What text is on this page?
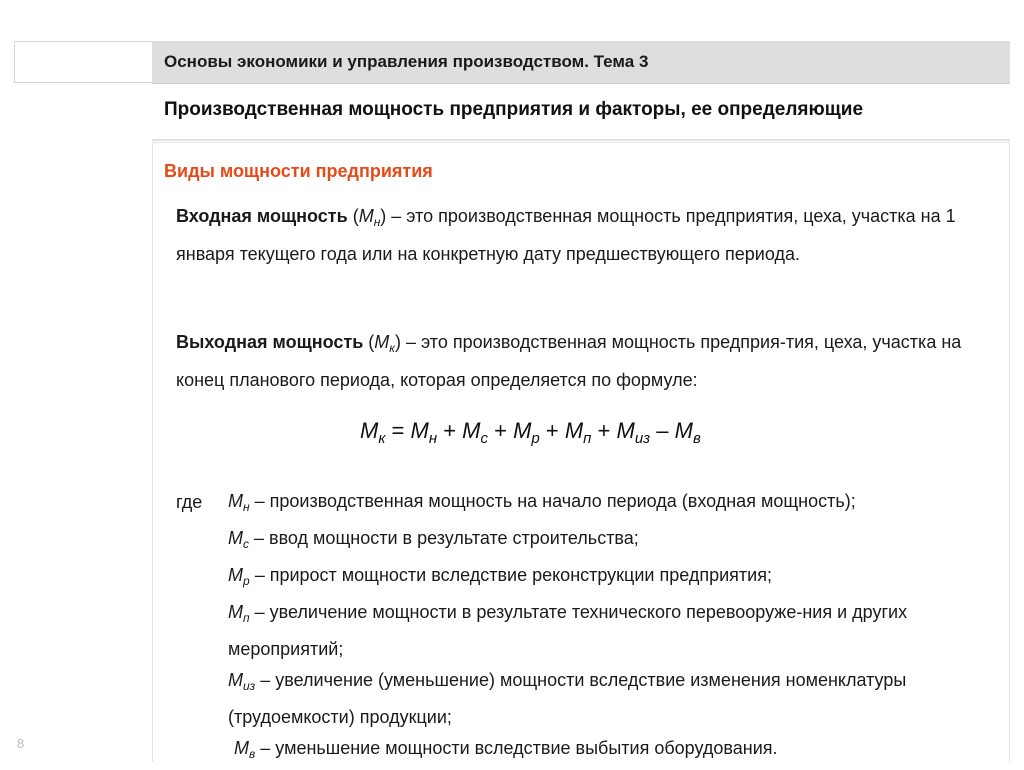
Основы экономики и управления производством. Тема 3
Производственная мощность предприятия и факторы, ее определяющие
Виды мощности предприятия
Входная мощность $(М_н)$ – это производственная мощность предприятия, цеха, участка на 1 января текущего года или на конкретную дату предшествующего периода.
Выходная мощность $(М_к)$ – это производственная мощность предприя-тия, цеха, участка на конец планового периода, которая определяется по формуле:
$М_к = М_н + М_с + М_р + М_п + М_{из} - М_в$
где $М_н$ – производственная мощность на начало периода (входная мощность);
$М_с$ – ввод мощности в результате строительства;
$М_р$ – прирост мощности вследствие реконструкции предприятия;
$М_п$ – увеличение мощности в результате технического перевооруже-ния и других мероприятий;
$М_{из}$ – увеличение (уменьшение) мощности вследствие изменения номенклатуры (трудоемкости) продукции;
$М_в$ – уменьшение мощности вследствие выбытия оборудования.
8
